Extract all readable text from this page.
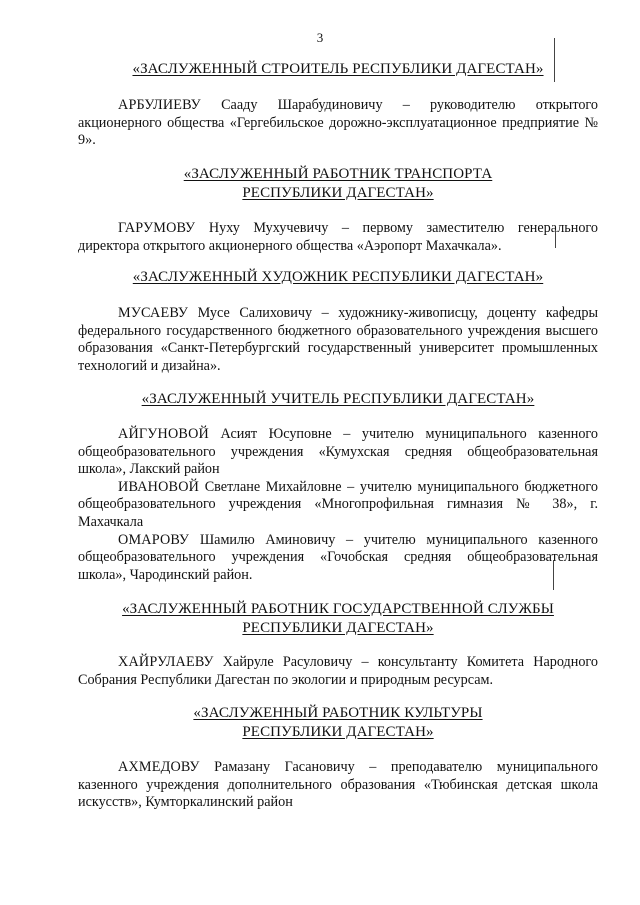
3
«ЗАСЛУЖЕННЫЙ СТРОИТЕЛЬ РЕСПУБЛИКИ ДАГЕСТАН»

АРБУЛИЕВУ Сааду Шарабудиновичу – руководителю открытого акционерного общества «Гергебильское дорожно-эксплуатационное предприятие № 9».

«ЗАСЛУЖЕННЫЙ РАБОТНИК ТРАНСПОРТА
РЕСПУБЛИКИ ДАГЕСТАН»

ГАРУМОВУ Нуху Мухучевичу – первому заместителю генерального директора открытого акционерного общества «Аэропорт Махачкала».

«ЗАСЛУЖЕННЫЙ ХУДОЖНИК РЕСПУБЛИКИ ДАГЕСТАН»

МУСАЕВУ Мусе Салиховичу – художнику-живописцу, доценту кафедры федерального государственного бюджетного образовательного учреждения высшего образования «Санкт-Петербургский государственный университет промышленных технологий и дизайна».

«ЗАСЛУЖЕННЫЙ УЧИТЕЛЬ РЕСПУБЛИКИ ДАГЕСТАН»

АЙГУНОВОЙ Асият Юсуповне – учителю муниципального казенного общеобразовательного учреждения «Кумухская средняя общеобразовательная школа», Лакский район

ИВАНОВОЙ Светлане Михайловне – учителю муниципального бюджетного общеобразовательного учреждения «Многопрофильная гимназия № 38», г. Махачкала

ОМАРОВУ Шамилю Аминовичу – учителю муниципального казенного общеобразовательного учреждения «Гочобская средняя общеобразовательная школа», Чародинский район.

«ЗАСЛУЖЕННЫЙ РАБОТНИК ГОСУДАРСТВЕННОЙ СЛУЖБЫ
РЕСПУБЛИКИ ДАГЕСТАН»

ХАЙРУЛАЕВУ Хайруле Расуловичу – консультанту Комитета Народного Собрания Республики Дагестан по экологии и природным ресурсам.

«ЗАСЛУЖЕННЫЙ РАБОТНИК КУЛЬТУРЫ
РЕСПУБЛИКИ ДАГЕСТАН»

АХМЕДОВУ Рамазану Гасановичу – преподавателю муниципального казенного учреждения дополнительного образования «Тюбинская детская школа искусств», Кумторкалинский район
